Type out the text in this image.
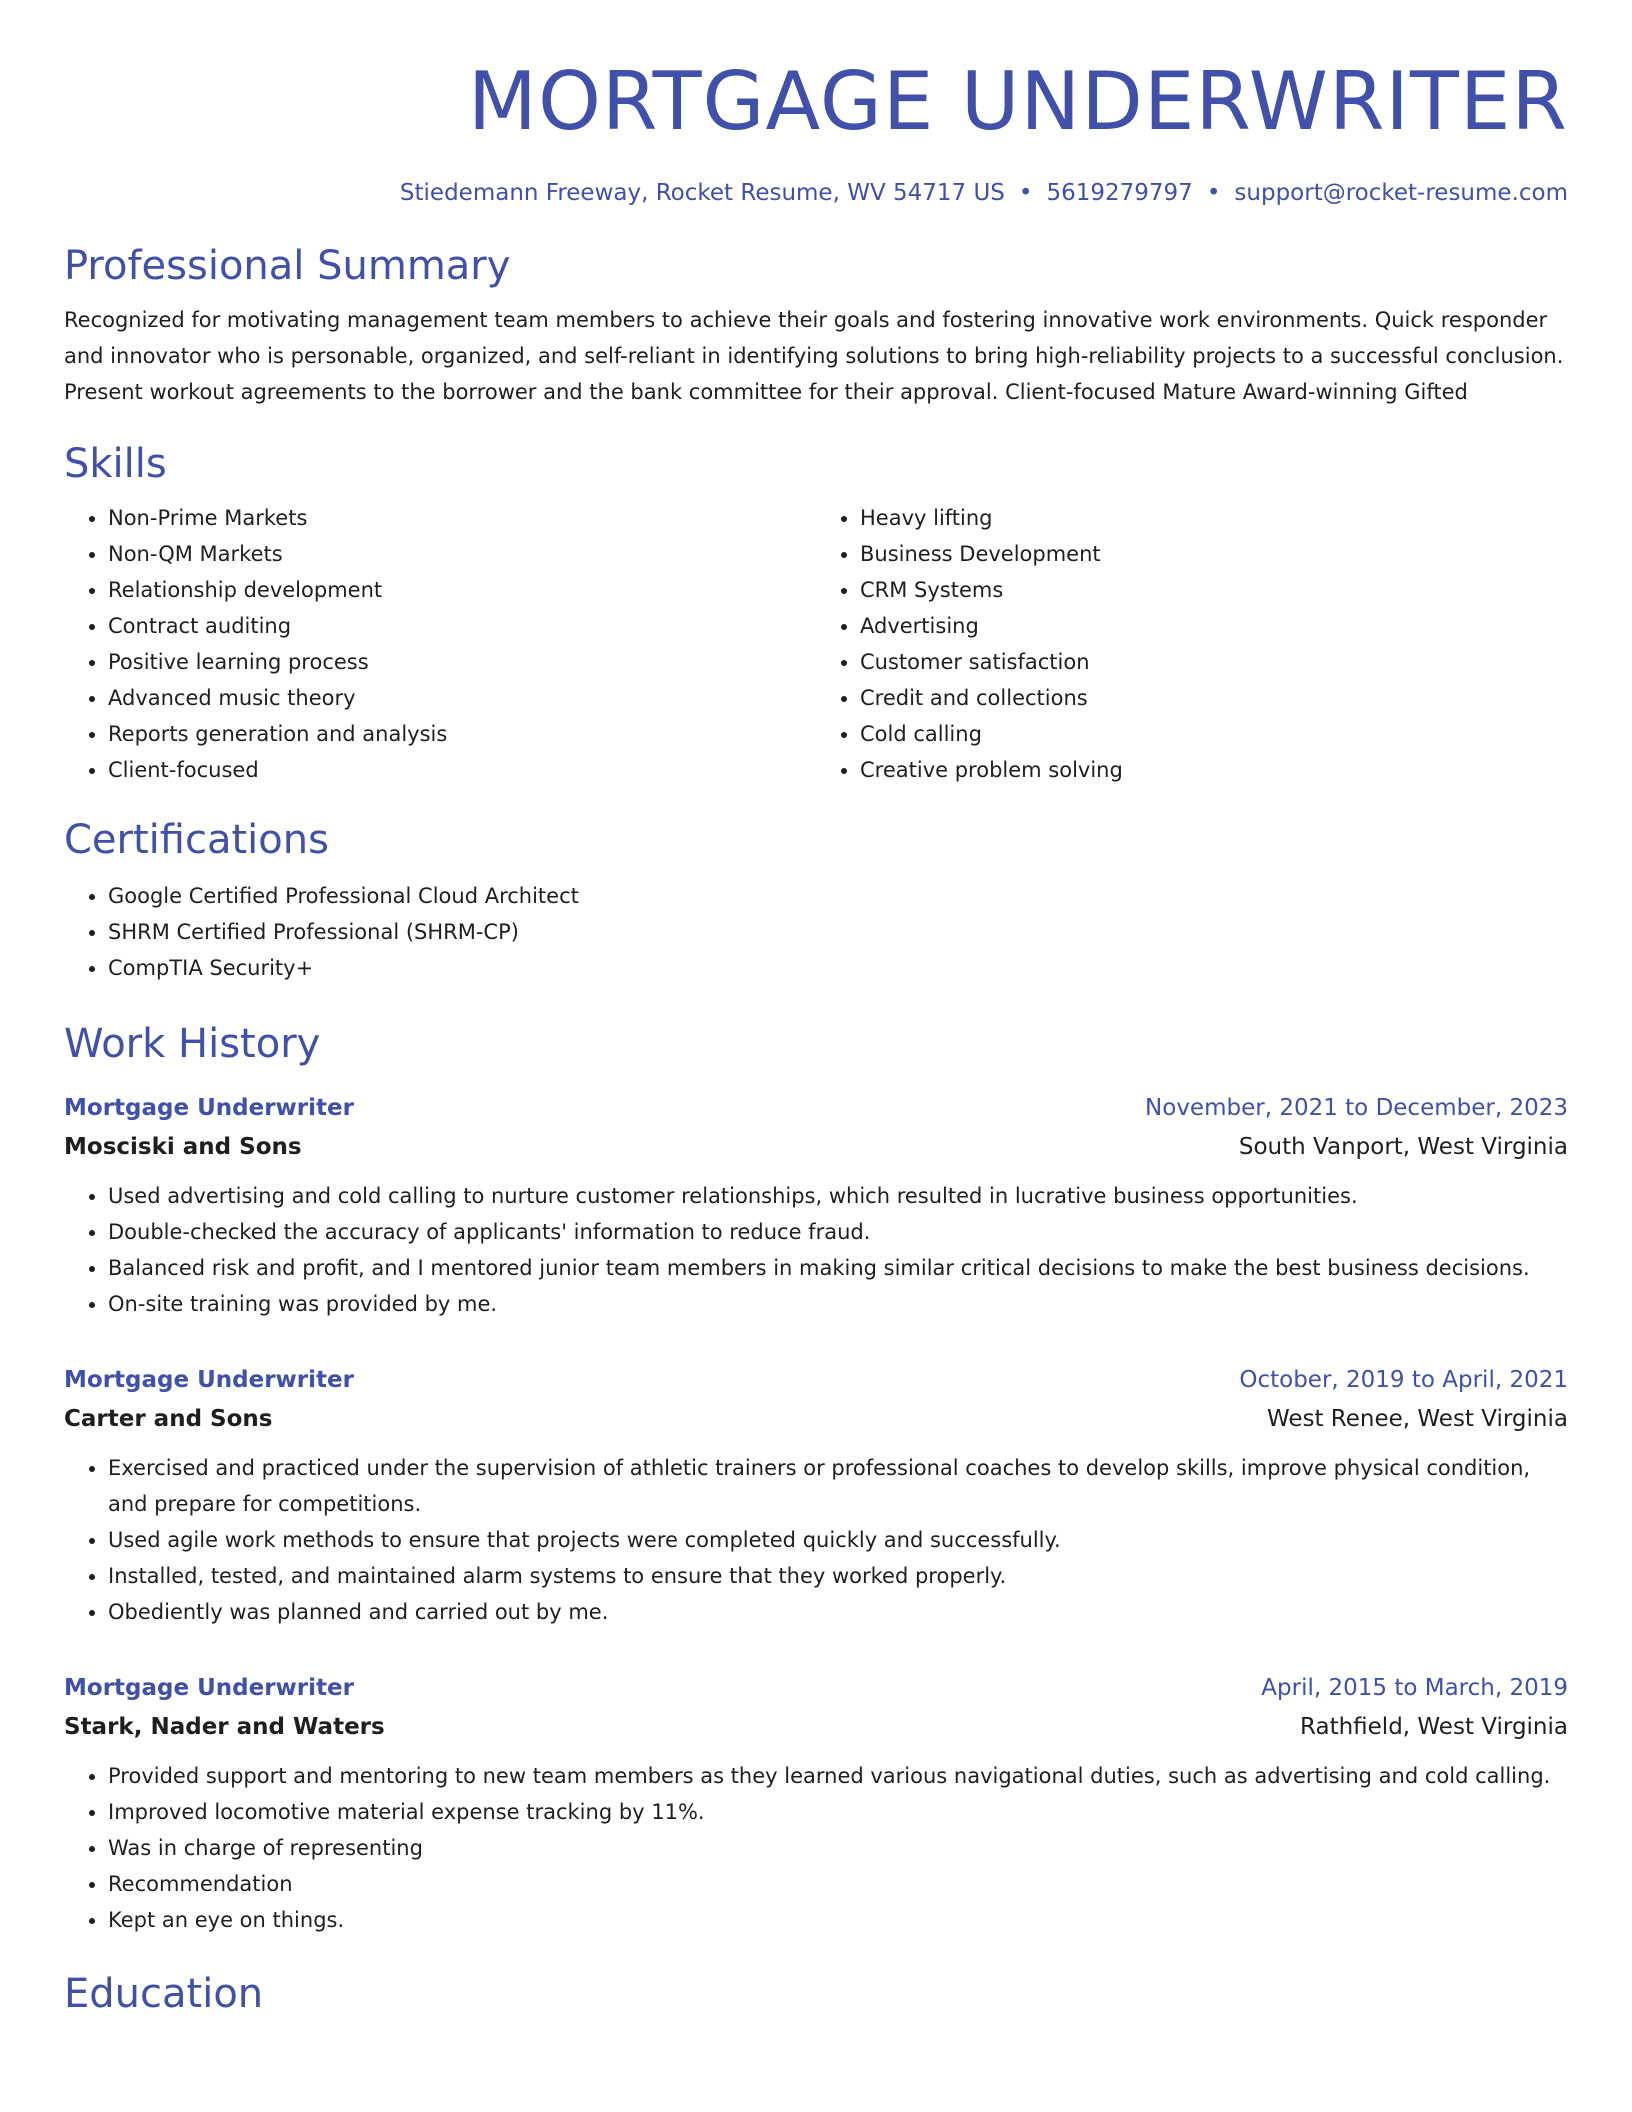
MORTGAGE UNDERWRITER
Stiedemann Freeway, Rocket Resume, WV 54717 US • 5619279797 • support@rocket-resume.com
Professional Summary

Recognized for motivating management team members to achieve their goals and fostering innovative work environments. Quick responder and innovator who is personable, organized, and self-reliant in identifying solutions to bring high-reliability projects to a successful conclusion. Present workout agreements to the borrower and the bank committee for their approval. Client-focused Mature Award-winning Gifted

Skills
• Non-Prime Markets
• Non-QM Markets
• Relationship development
• Contract auditing
• Positive learning process
• Advanced music theory
• Reports generation and analysis
• Client-focused
• Heavy lifting
• Business Development
• CRM Systems
• Advertising
• Customer satisfaction
• Credit and collections
• Cold calling
• Creative problem solving
Certifications
• Google Certified Professional Cloud Architect
• SHRM Certified Professional (SHRM-CP)
• CompTIA Security+
Work History
Mortgage Underwriter	November, 2021 to December, 2023
Mosciski and Sons	South Vanport, West Virginia
• Used advertising and cold calling to nurture customer relationships, which resulted in lucrative business opportunities.
• Double-checked the accuracy of applicants' information to reduce fraud.
• Balanced risk and profit, and I mentored junior team members in making similar critical decisions to make the best business decisions.
• On-site training was provided by me.
Mortgage Underwriter	October, 2019 to April, 2021
Carter and Sons	West Renee, West Virginia
• Exercised and practiced under the supervision of athletic trainers or professional coaches to develop skills, improve physical condition, and prepare for competitions.
• Used agile work methods to ensure that projects were completed quickly and successfully.
• Installed, tested, and maintained alarm systems to ensure that they worked properly.
• Obediently was planned and carried out by me.
Mortgage Underwriter	April, 2015 to March, 2019
Stark, Nader and Waters	Rathfield, West Virginia
• Provided support and mentoring to new team members as they learned various navigational duties, such as advertising and cold calling.
• Improved locomotive material expense tracking by 11%.
• Was in charge of representing
• Recommendation
• Kept an eye on things.
Education
